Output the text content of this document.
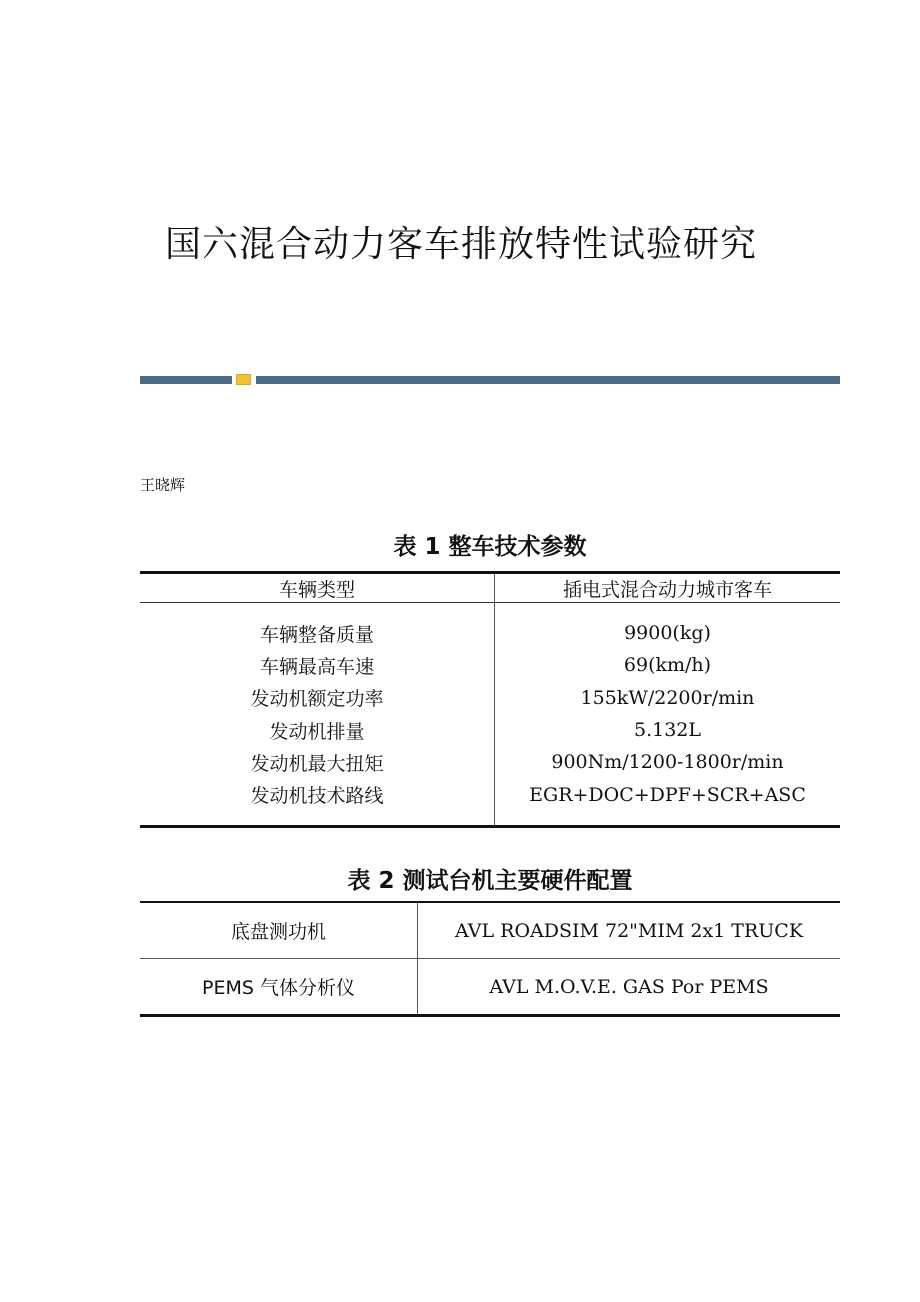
国六混合动力客车排放特性试验研究
王晓辉
表 1 整车技术参数
车辆类型	插电式混合动力城市客车

车辆整备质量	9900(kg)
车辆最高车速	69(km/h)
发动机额定功率	155kW/2200r/min
发动机排量	5.132L
发动机最大扭矩	900Nm/1200-1800r/min
发动机技术路线	EGR+DOC+DPF+SCR+ASC

表 2 测试台机主要硬件配置
底盘测功机	AVL ROADSIM 72"MIM 2x1 TRUCK
PEMS 气体分析仪	AVL M.O.V.E. GAS Por PEMS
